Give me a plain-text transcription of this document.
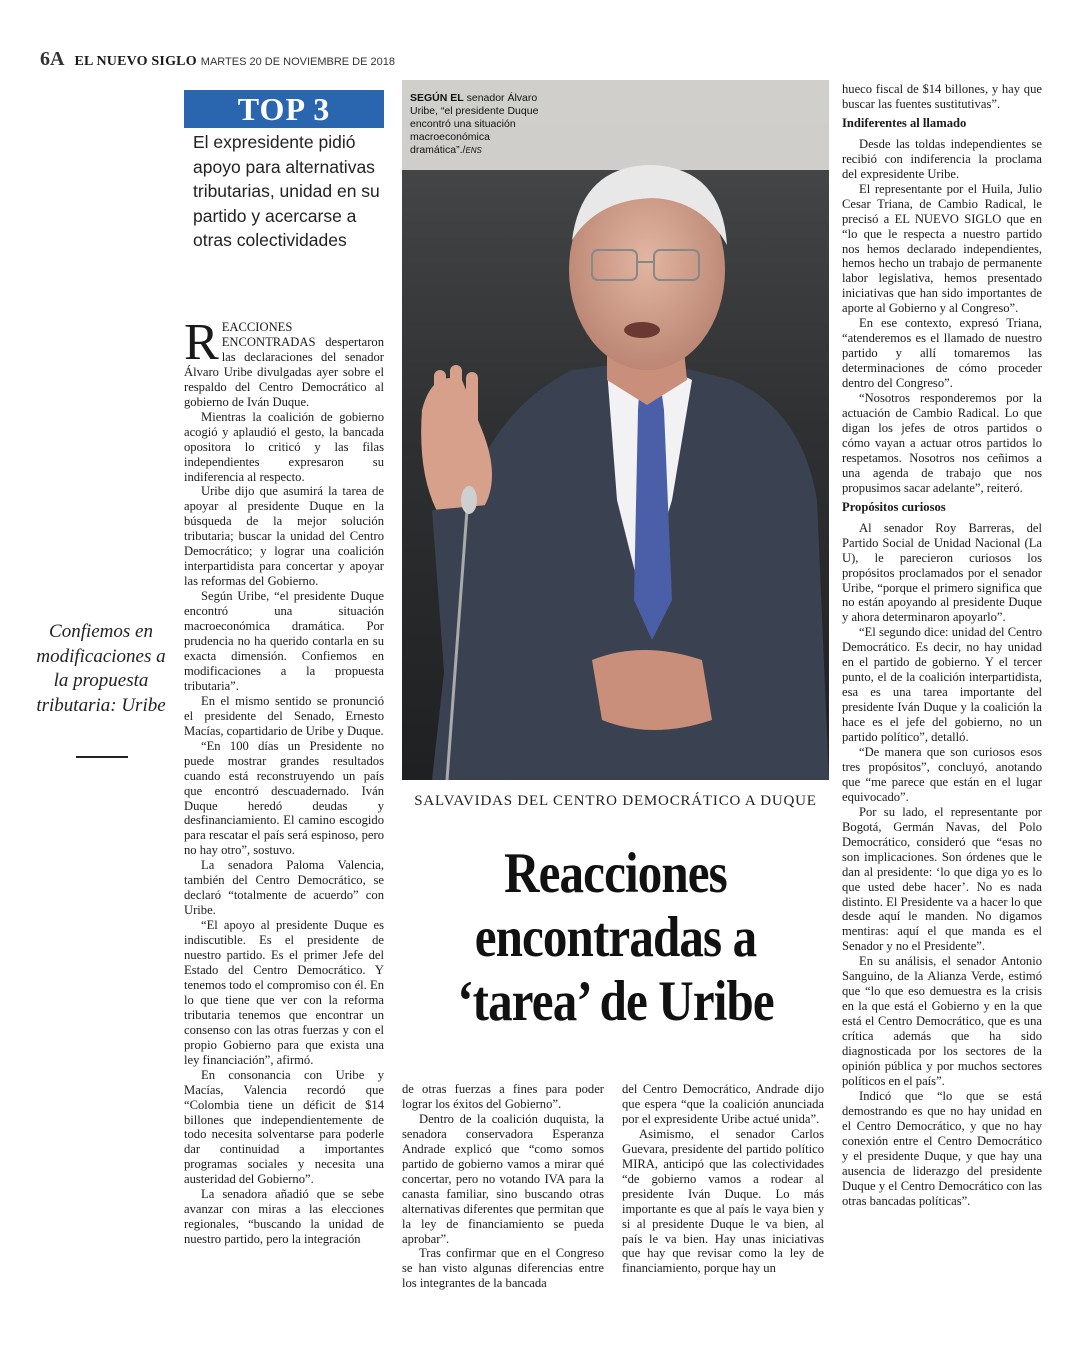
6A EL NUEVO SIGLO MARTES 20 DE NOVIEMBRE DE 2018
TOP 3
El expresidente pidió apoyo para alternativas tributarias, unidad en su partido y acercarse a otras colectividades
Confiemos en modificaciones a la propuesta tributaria: Uribe

REACCIONES ENCONTRADAS despertaron las declaraciones del senador Álvaro Uribe divulgadas ayer sobre el respaldo del Centro Democrático al gobierno de Iván Duque.

Mientras la coalición de gobierno acogió y aplaudió el gesto, la bancada opositora lo criticó y las filas independientes expresaron su indiferencia al respecto.

Uribe dijo que asumirá la tarea de apoyar al presidente Duque en la búsqueda de la mejor solución tributaria; buscar la unidad del Centro Democrático; y lograr una coalición interpartidista para concertar y apoyar las reformas del Gobierno.

Según Uribe, “el presidente Duque encontró una situación macroeconómica dramática. Por prudencia no ha querido contarla en su exacta dimensión. Confiemos en modificaciones a la propuesta tributaria”.

En el mismo sentido se pronunció el presidente del Senado, Ernesto Macías, copartidario de Uribe y Duque.

“En 100 días un Presidente no puede mostrar grandes resultados cuando está reconstruyendo un país que encontró descuadernado. Iván Duque heredó deudas y desfinanciamiento. El camino escogido para rescatar el país será espinoso, pero no hay otro”, sostuvo.

La senadora Paloma Valencia, también del Centro Democrático, se declaró “totalmente de acuerdo” con Uribe.

“El apoyo al presidente Duque es indiscutible. Es el presidente de nuestro partido. Es el primer Jefe del Estado del Centro Democrático. Y tenemos todo el compromiso con él. En lo que tiene que ver con la reforma tributaria tenemos que encontrar un consenso con las otras fuerzas y con el propio Gobierno para que exista una ley financiación”, afirmó.

En consonancia con Uribe y Macías, Valencia recordó que “Colombia tiene un déficit de $14 billones que independientemente de todo necesita solventarse para poderle dar continuidad a importantes programas sociales y necesita una austeridad del Gobierno”.

La senadora añadió que se sebe avanzar con miras a las elecciones regionales, “buscando la unidad de nuestro partido, pero la integración

SEGÚN EL senador Álvaro Uribe, “el presidente Duque encontró una situación macroeconómica dramática”./ENS
SALVAVIDAS DEL CENTRO DEMOCRÁTICO A DUQUE
Reacciones encontradas a ‘tarea’ de Uribe

de otras fuerzas a fines para poder lograr los éxitos del Gobierno”.

Dentro de la coalición duquista, la senadora conservadora Esperanza Andrade explicó que “como somos partido de gobierno vamos a mirar qué concertar, pero no votando IVA para la canasta familiar, sino buscando otras alternativas diferentes que permitan que la ley de financiamiento se pueda aprobar”.

Tras confirmar que en el Congreso se han visto algunas diferencias entre los integrantes de la bancada

del Centro Democrático, Andrade dijo que espera “que la coalición anunciada por el expresidente Uribe actué unida”.

Asimismo, el senador Carlos Guevara, presidente del partido político MIRA, anticipó que las colectividades “de gobierno vamos a rodear al presidente Iván Duque. Lo más importante es que al país le vaya bien y si al presidente Duque le va bien, al país le va bien. Hay unas iniciativas que hay que revisar como la ley de financiamiento, porque hay un

hueco fiscal de $14 billones, y hay que buscar las fuentes sustitutivas”.

Indiferentes al llamado

Desde las toldas independientes se recibió con indiferencia la proclama del expresidente Uribe.

El representante por el Huila, Julio Cesar Triana, de Cambio Radical, le precisó a EL NUEVO SIGLO que en “lo que le respecta a nuestro partido nos hemos declarado independientes, hemos hecho un trabajo de permanente labor legislativa, hemos presentado iniciativas que han sido importantes de aporte al Gobierno y al Congreso”.

En ese contexto, expresó Triana, “atenderemos es el llamado de nuestro partido y allí tomaremos las determinaciones de cómo proceder dentro del Congreso”.

“Nosotros responderemos por la actuación de Cambio Radical. Lo que digan los jefes de otros partidos o cómo vayan a actuar otros partidos lo respetamos. Nosotros nos ceñimos a una agenda de trabajo que nos propusimos sacar adelante”, reiteró.

Propósitos curiosos

Al senador Roy Barreras, del Partido Social de Unidad Nacional (La U), le parecieron curiosos los propósitos proclamados por el senador Uribe, “porque el primero significa que no están apoyando al presidente Duque y ahora determinaron apoyarlo”.

“El segundo dice: unidad del Centro Democrático. Es decir, no hay unidad en el partido de gobierno. Y el tercer punto, el de la coalición interpartidista, esa es una tarea importante del presidente Iván Duque y la coalición la hace es el jefe del gobierno, no un partido político”, detalló.

“De manera que son curiosos esos tres propósitos”, concluyó, anotando que “me parece que están en el lugar equivocado”.

Por su lado, el representante por Bogotá, Germán Navas, del Polo Democrático, consideró que “esas no son implicaciones. Son órdenes que le dan al presidente: ‘lo que diga yo es lo que usted debe hacer’. No es nada distinto. El Presidente va a hacer lo que desde aquí le manden. No digamos mentiras: aquí el que manda es el Senador y no el Presidente”.

En su análisis, el senador Antonio Sanguino, de la Alianza Verde, estimó que “lo que eso demuestra es la crisis en la que está el Gobierno y en la que está el Centro Democrático, que es una crítica además que ha sido diagnosticada por los sectores de la opinión pública y por muchos sectores políticos en el país”.

Indicó que “lo que se está demostrando es que no hay unidad en el Centro Democrático, y que no hay conexión entre el Centro Democrático y el presidente Duque, y que hay una ausencia de liderazgo del presidente Duque y el Centro Democrático con las otras bancadas políticas”.
